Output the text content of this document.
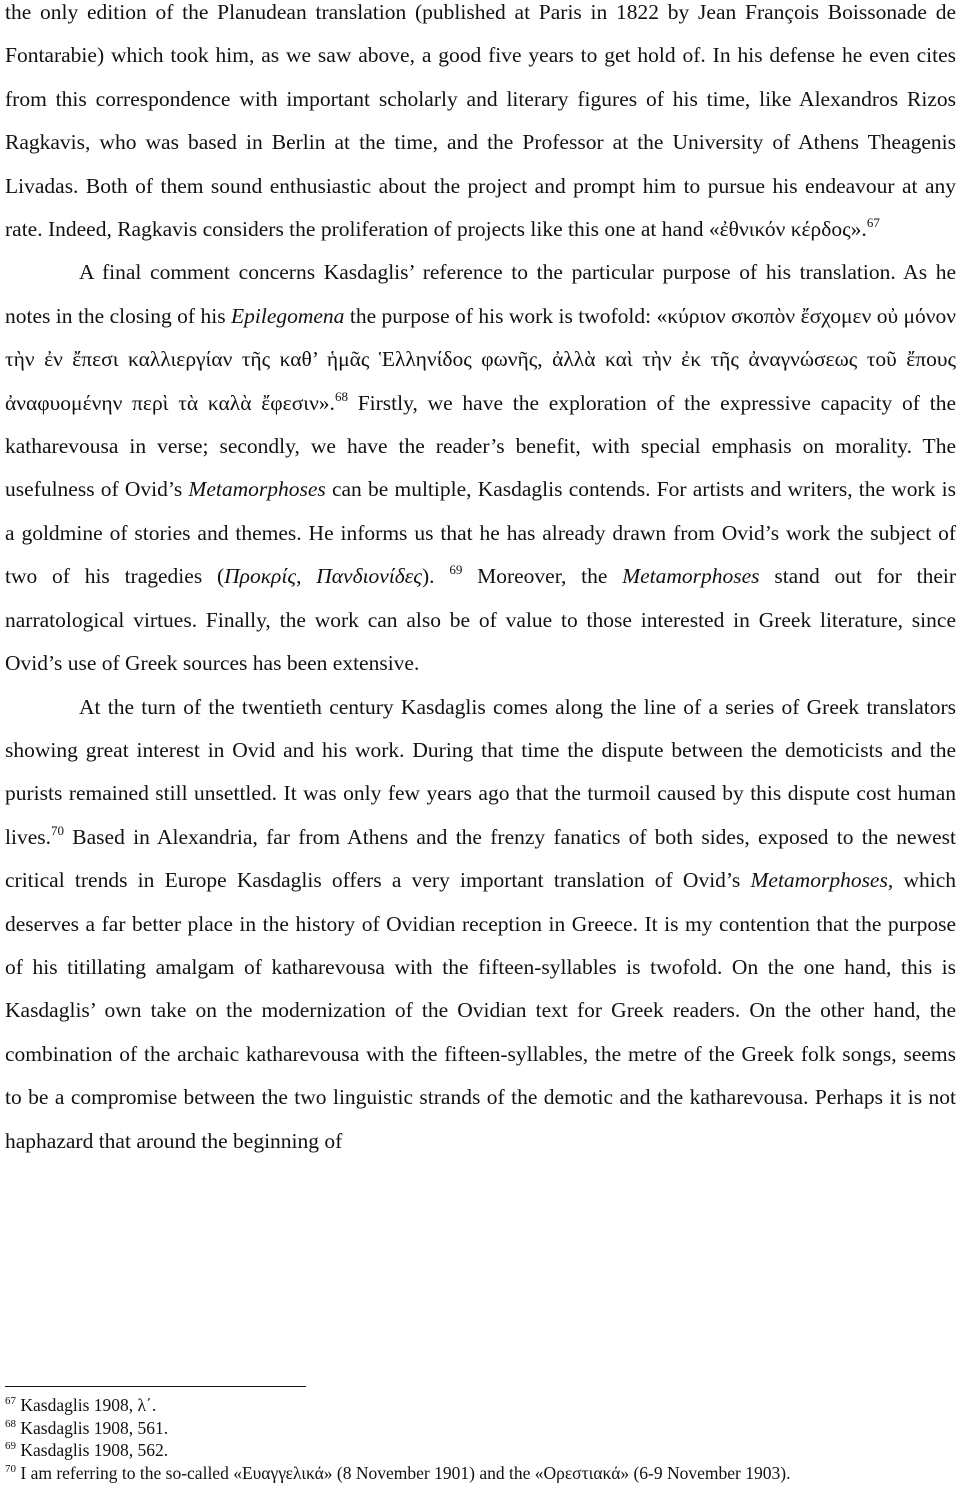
the only edition of the Planudean translation (published at Paris in 1822 by Jean François Boissonade de Fontarabie) which took him, as we saw above, a good five years to get hold of. In his defense he even cites from this correspondence with important scholarly and literary figures of his time, like Alexandros Rizos Ragkavis, who was based in Berlin at the time, and the Professor at the University of Athens Theagenis Livadas. Both of them sound enthusiastic about the project and prompt him to pursue his endeavour at any rate. Indeed, Ragkavis considers the proliferation of projects like this one at hand «ἐθνικόν κέρδος».$^{67}$

A final comment concerns Kasdaglis’ reference to the particular purpose of his translation. As he notes in the closing of his Epilegomena the purpose of his work is twofold: «κύριον σκοπὸν ἔσχομεν οὐ μόνον τὴν ἐν ἔπεσι καλλιεργίαν τῆς καθ’ ἡμᾶς Ἑλληνίδος φωνῆς, ἀλλὰ καὶ τὴν ἐκ τῆς ἀναγνώσεως τοῦ ἔπους ἀναφυομένην περὶ τὰ καλὰ ἔφεσιν».$^{68}$ Firstly, we have the exploration of the expressive capacity of the katharevousa in verse; secondly, we have the reader’s benefit, with special emphasis on morality. The usefulness of Ovid’s Metamorphoses can be multiple, Kasdaglis contends. For artists and writers, the work is a goldmine of stories and themes. He informs us that he has already drawn from Ovid’s work the subject of two of his tragedies (Προκρίς, Πανδιονίδες). $^{69}$ Moreover, the Metamorphoses stand out for their narratological virtues. Finally, the work can also be of value to those interested in Greek literature, since Ovid’s use of Greek sources has been extensive.

At the turn of the twentieth century Kasdaglis comes along the line of a series of Greek translators showing great interest in Ovid and his work. During that time the dispute between the demoticists and the purists remained still unsettled. It was only few years ago that the turmoil caused by this dispute cost human lives.$^{70}$ Based in Alexandria, far from Athens and the frenzy fanatics of both sides, exposed to the newest critical trends in Europe Kasdaglis offers a very important translation of Ovid’s Metamorphoses, which deserves a far better place in the history of Ovidian reception in Greece. It is my contention that the purpose of his titillating amalgam of katharevousa with the fifteen-syllables is twofold. On the one hand, this is Kasdaglis’ own take on the modernization of the Ovidian text for Greek readers. On the other hand, the combination of the archaic katharevousa with the fifteen-syllables, the metre of the Greek folk songs, seems to be a compromise between the two linguistic strands of the demotic and the katharevousa. Perhaps it is not haphazard that around the beginning of

$^{67}$ Kasdaglis 1908, λ΄.

$^{68}$ Kasdaglis 1908, 561.

$^{69}$ Kasdaglis 1908, 562.

$^{70}$ I am referring to the so-called «Ευαγγελικά» (8 November 1901) and the «Ορεστιακά» (6-9 November 1903).
